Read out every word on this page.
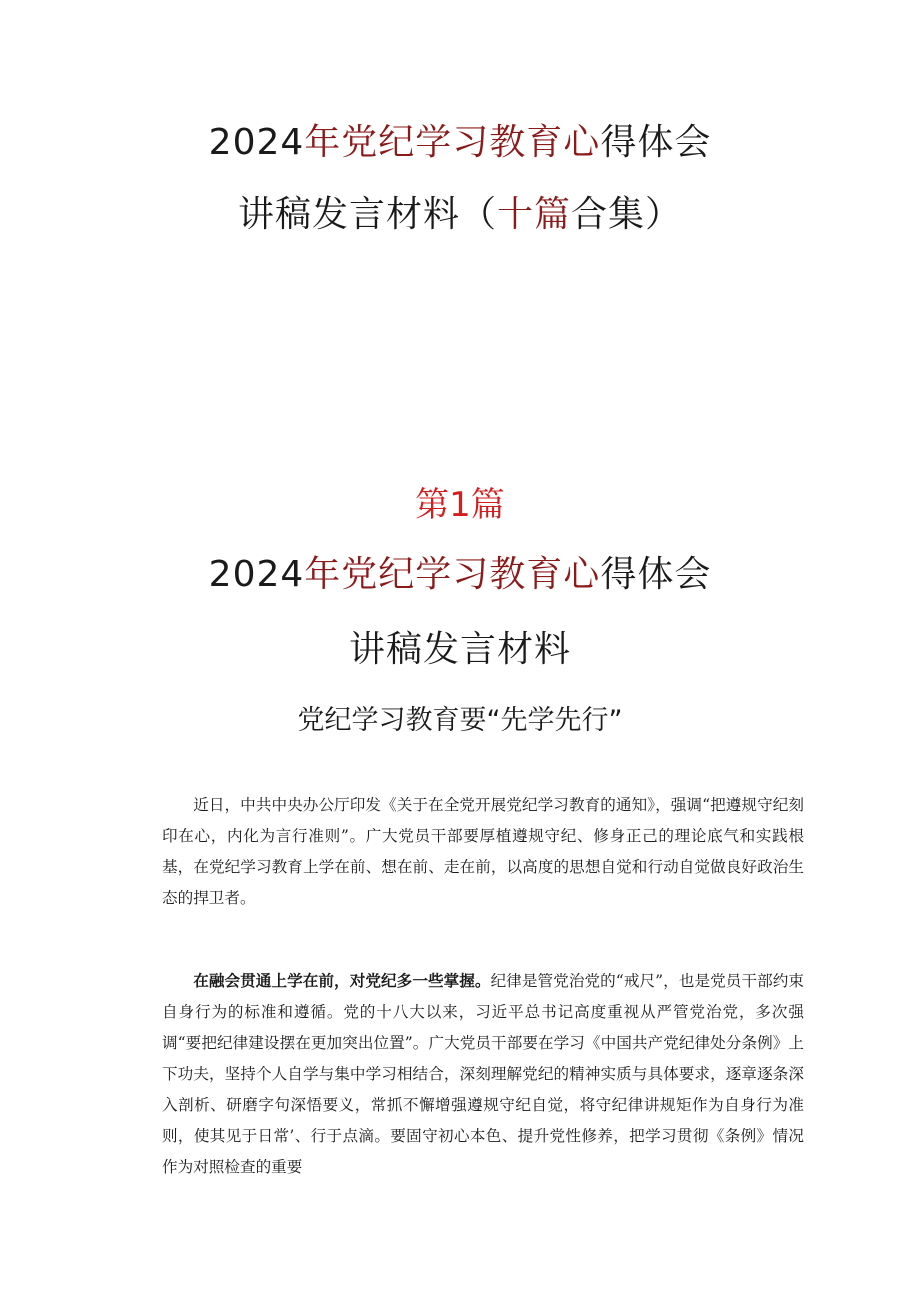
2024年党纪学习教育心得体会
讲稿发言材料（十篇合集）
第1篇
2024年党纪学习教育心得体会
讲稿发言材料
党纪学习教育要“先学先行”

近日，中共中央办公厅印发《关于在全党开展党纪学习教育的通知》，强调“把遵规守纪刻印在心，内化为言行准则”。广大党员干部要厚植遵规守纪、修身正己的理论底气和实践根基，在党纪学习教育上学在前、想在前、走在前，以高度的思想自觉和行动自觉做良好政治生态的捍卫者。

在融会贯通上学在前，对党纪多一些掌握。纪律是管党治党的“戒尺”，也是党员干部约束自身行为的标准和遵循。党的十八大以来，习近平总书记高度重视从严管党治党，多次强调“要把纪律建设摆在更加突出位置”。广大党员干部要在学习《中国共产党纪律处分条例》上下功夫，坚持个人自学与集中学习相结合，深刻理解党纪的精神实质与具体要求，逐章逐条深入剖析、研磨字句深悟要义，常抓不懈增强遵规守纪自觉，将守纪律讲规矩作为自身行为准则，使其见于日常’、行于点滴。要固守初心本色、提升党性修养，把学习贯彻《条例》情况作为对照检查的重要
